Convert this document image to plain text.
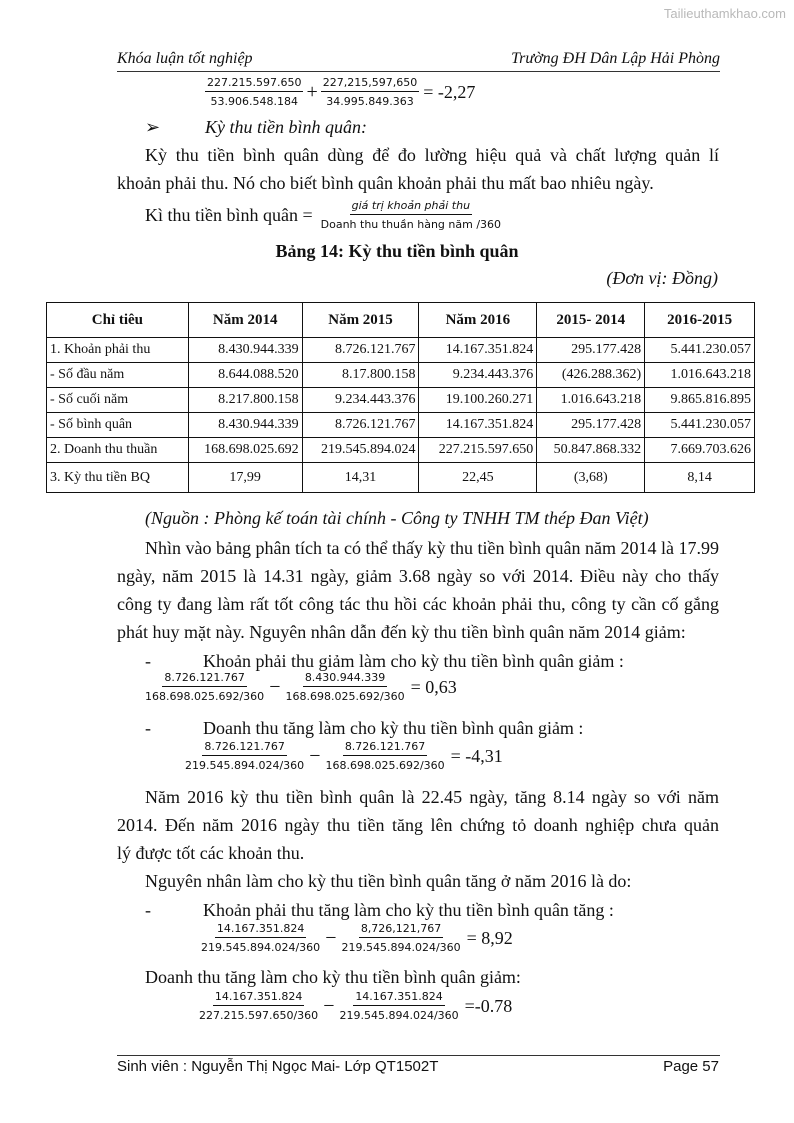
Tailieuthamkhao.com
Khóa luận tốt nghiệp	Trường ĐH Dân Lập Hải Phòng
$\frac{227.215.597.650}{53.906.548.184} + \frac{227,215,597,650}{34.995.849.363} = -2,27$
➢ Kỳ thu tiền bình quân:
Kỳ thu tiền bình quân dùng để đo lường hiệu quả và chất lượng quản lí
khoản phải thu. Nó cho biết bình quân khoản phải thu mất bao nhiêu ngày.
Kì thu tiền bình quân = $\frac{\text{giá trị khoản phải thu}}{\text{Doanh thu thuần hàng năm /360}}$
Bảng 14: Kỳ thu tiền bình quân
(Đơn vị: Đồng)
Chỉ tiêu	Năm 2014	Năm 2015	Năm 2016	2015- 2014	2016-2015
1. Khoản phải thu	8.430.944.339	8.726.121.767	14.167.351.824	295.177.428	5.441.230.057
- Số đầu năm	8.644.088.520	8.17.800.158	9.234.443.376	(426.288.362)	1.016.643.218
- Số cuối năm	8.217.800.158	9.234.443.376	19.100.260.271	1.016.643.218	9.865.816.895
- Số bình quân	8.430.944.339	8.726.121.767	14.167.351.824	295.177.428	5.441.230.057
2. Doanh thu thuần	168.698.025.692	219.545.894.024	227.215.597.650	50.847.868.332	7.669.703.626
3. Kỳ thu tiền BQ	17,99	14,31	22,45	(3,68)	8,14
(Nguồn : Phòng kế toán tài chính - Công ty TNHH TM thép Đan Việt)
Nhìn vào bảng phân tích ta có thể thấy kỳ thu tiền bình quân năm 2014 là 17.99
ngày, năm 2015 là 14.31 ngày, giảm 3.68 ngày so với 2014. Điều này cho thấy
công ty đang làm rất tốt công tác thu hồi các khoản phải thu, công ty cần cố gắng
phát huy mặt này. Nguyên nhân dẫn đến kỳ thu tiền bình quân năm 2014 giảm:
-	Khoản phải thu giảm làm cho kỳ thu tiền bình quân giảm :
$\frac{8.726.121.767}{168.698.025.692/360} - \frac{8.430.944.339}{168.698.025.692/360} = 0,63$
-	Doanh thu tăng làm cho kỳ thu tiền bình quân giảm :
$\frac{8.726.121.767}{219.545.894.024/360} - \frac{8.726.121.767}{168.698.025.692/360} = -4,31$
Năm 2016 kỳ thu tiền bình quân là 22.45 ngày, tăng 8.14 ngày so với năm
2014. Đến năm 2016 ngày thu tiền tăng lên chứng tỏ doanh nghiệp chưa quản
lý được tốt các khoản thu.
Nguyên nhân làm cho kỳ thu tiền bình quân tăng ở năm 2016 là do:
-	Khoản phải thu tăng làm cho kỳ thu tiền bình quân tăng :
$\frac{14.167.351.824}{219.545.894.024/360} - \frac{8,726,121,767}{219.545.894.024/360} = 8,92$
Doanh thu tăng làm cho kỳ thu tiền bình quân giảm:
$\frac{14.167.351.824}{227.215.597.650/360} - \frac{14.167.351.824}{219.545.894.024/360} =-0.78$
Sinh viên : Nguyễn Thị Ngọc Mai- Lớp QT1502T	Page 57
